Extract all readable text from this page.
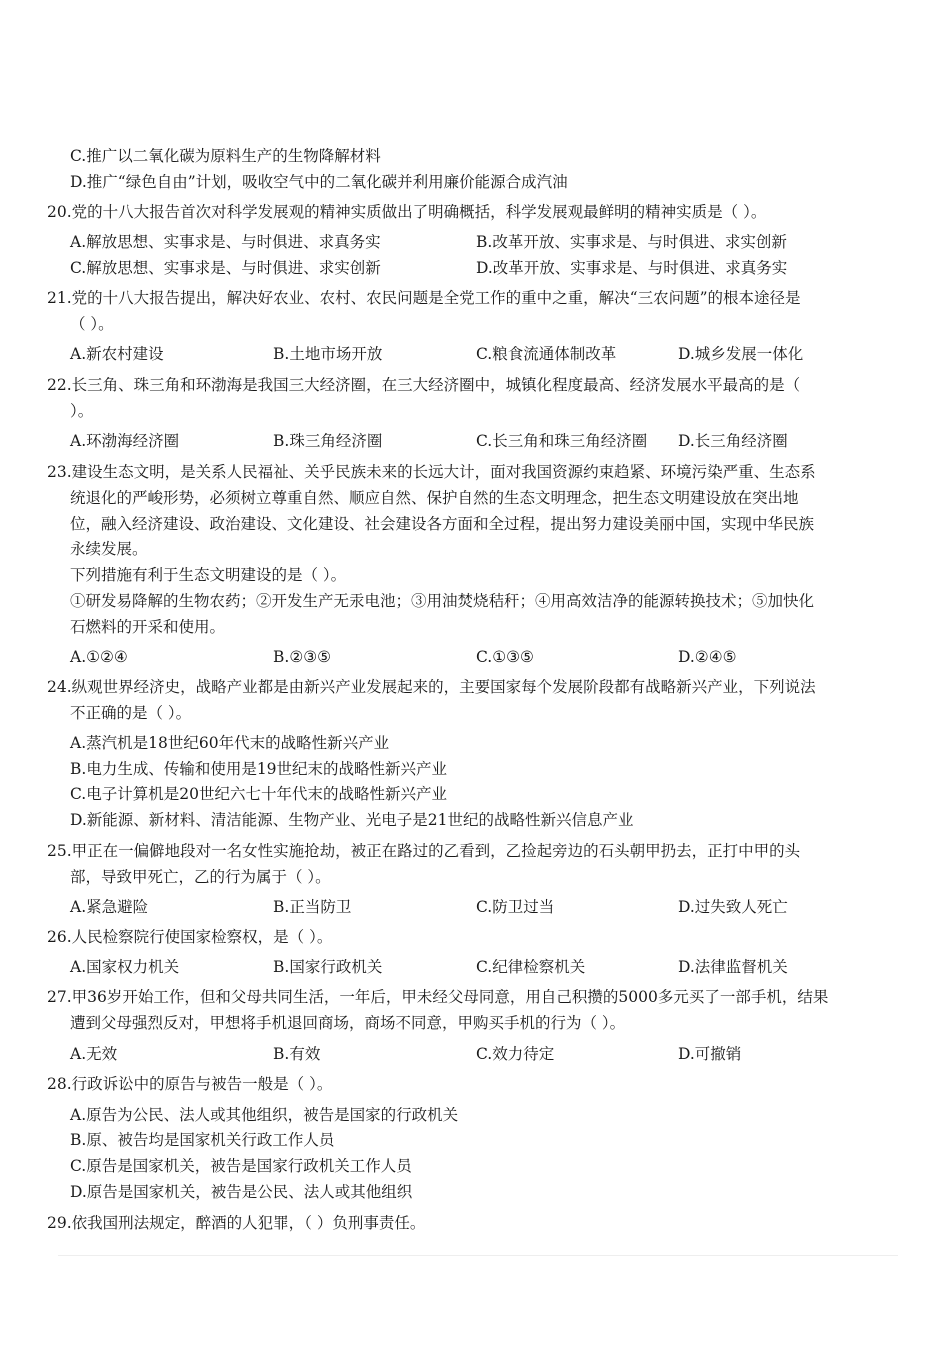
C.推广以二氧化碳为原料生产的生物降解材料
D.推广“绿色自由”计划，吸收空气中的二氧化碳并利用廉价能源合成汽油
20.党的十八大报告首次对科学发展观的精神实质做出了明确概括，科学发展观最鲜明的精神实质是（ ）。
A.解放思想、实事求是、与时俱进、求真务实	B.改革开放、实事求是、与时俱进、求实创新
C.解放思想、实事求是、与时俱进、求实创新	D.改革开放、实事求是、与时俱进、求真务实
21.党的十八大报告提出，解决好农业、农村、农民问题是全党工作的重中之重，解决“三农问题”的根本途径是
（ ）。
A.新农村建设	B.土地市场开放	C.粮食流通体制改革	D.城乡发展一体化
22.长三角、珠三角和环渤海是我国三大经济圈，在三大经济圈中，城镇化程度最高、经济发展水平最高的是（
）。
A.环渤海经济圈	B.珠三角经济圈	C.长三角和珠三角经济圈 D.长三角经济圈
23.建设生态文明，是关系人民福祉、关乎民族未来的长远大计，面对我国资源约束趋紧、环境污染严重、生态系
统退化的严峻形势，必须树立尊重自然、顺应自然、保护自然的生态文明理念，把生态文明建设放在突出地
位，融入经济建设、政治建设、文化建设、社会建设各方面和全过程，提出努力建设美丽中国，实现中华民族
永续发展。
下列措施有利于生态文明建设的是（ ）。
①研发易降解的生物农药；②开发生产无汞电池；③用油焚烧秸秆；④用高效洁净的能源转换技术；⑤加快化
石燃料的开采和使用。
A.①②④	B.②③⑤	C.①③⑤	D.②④⑤
24.纵观世界经济史，战略产业都是由新兴产业发展起来的，主要国家每个发展阶段都有战略新兴产业，下列说法
不正确的是（ ）。
A.蒸汽机是18世纪60年代末的战略性新兴产业
B.电力生成、传输和使用是19世纪末的战略性新兴产业
C.电子计算机是20世纪六七十年代末的战略性新兴产业
D.新能源、新材料、清洁能源、生物产业、光电子是21世纪的战略性新兴信息产业
25.甲正在一偏僻地段对一名女性实施抢劫，被正在路过的乙看到，乙捡起旁边的石头朝甲扔去，正打中甲的头
部，导致甲死亡，乙的行为属于（ ）。
A.紧急避险	B.正当防卫	C.防卫过当	D.过失致人死亡
26.人民检察院行使国家检察权，是（ ）。
A.国家权力机关	B.国家行政机关	C.纪律检察机关	D.法律监督机关
27.甲36岁开始工作，但和父母共同生活，一年后，甲未经父母同意，用自己积攒的5000多元买了一部手机，结果
遭到父母强烈反对，甲想将手机退回商场，商场不同意，甲购买手机的行为（ ）。
A.无效	B.有效	C.效力待定	D.可撤销
28.行政诉讼中的原告与被告一般是（ ）。
A.原告为公民、法人或其他组织，被告是国家的行政机关
B.原、被告均是国家机关行政工作人员
C.原告是国家机关，被告是国家行政机关工作人员
D.原告是国家机关，被告是公民、法人或其他组织
29.依我国刑法规定，醉酒的人犯罪，（ ）负刑事责任。
